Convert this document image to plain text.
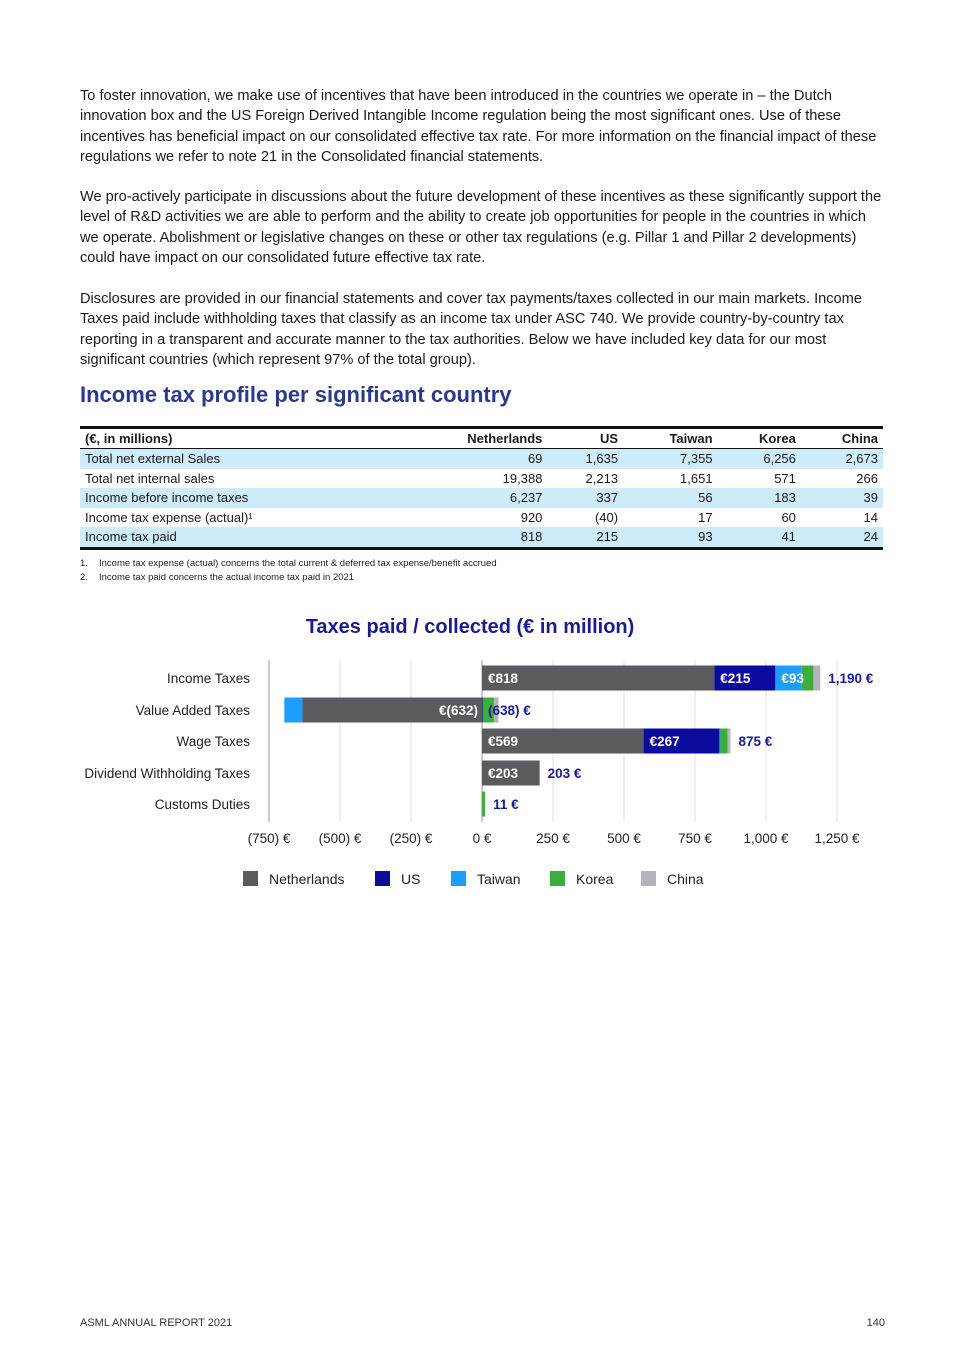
To foster innovation, we make use of incentives that have been introduced in the countries we operate in – the Dutch innovation box and the US Foreign Derived Intangible Income regulation being the most significant ones. Use of these incentives has beneficial impact on our consolidated effective tax rate. For more information on the financial impact of these regulations we refer to note 21 in the Consolidated financial statements.

We pro-actively participate in discussions about the future development of these incentives as these significantly support the level of R&D activities we are able to perform and the ability to create job opportunities for people in the countries in which we operate. Abolishment or legislative changes on these or other tax regulations (e.g. Pillar 1 and Pillar 2 developments) could have impact on our consolidated future effective tax rate.

Disclosures are provided in our financial statements and cover tax payments/taxes collected in our main markets. Income Taxes paid include withholding taxes that classify as an income tax under ASC 740. We provide country-by-country tax reporting in a transparent and accurate manner to the tax authorities. Below we have included key data for our most significant countries (which represent 97% of the total group).

Income tax profile per significant country
(€, in millions)	Netherlands	US	Taiwan	Korea	China
Total net external Sales	69	1,635	7,355	6,256	2,673
Total net internal sales	19,388	2,213	1,651	571	266
Income before income taxes	6,237	337	56	183	39
Income tax expense (actual)¹	920	(40)	17	60	14
Income tax paid	818	215	93	41	24
1. Income tax expense (actual) concerns the total current & deferred tax expense/benefit accrued
2. Income tax paid concerns the actual income tax paid in 2021
Taxes paid / collected (€ in million)
(750) € (500) € (250) €	0 €	250 €	500 €	750 € 1,000 € 1,250 €
Income Taxes	€818	€215 €93 1,190 €
Value Added Taxes	€(632) (638) €
Wage Taxes	€569	€267	875 €
Dividend Withholding Taxes	€203 203 €
Customs Duties	11 €
Netherlands	US	Taiwan	Korea	China
ASML ANNUAL REPORT 2021	140
